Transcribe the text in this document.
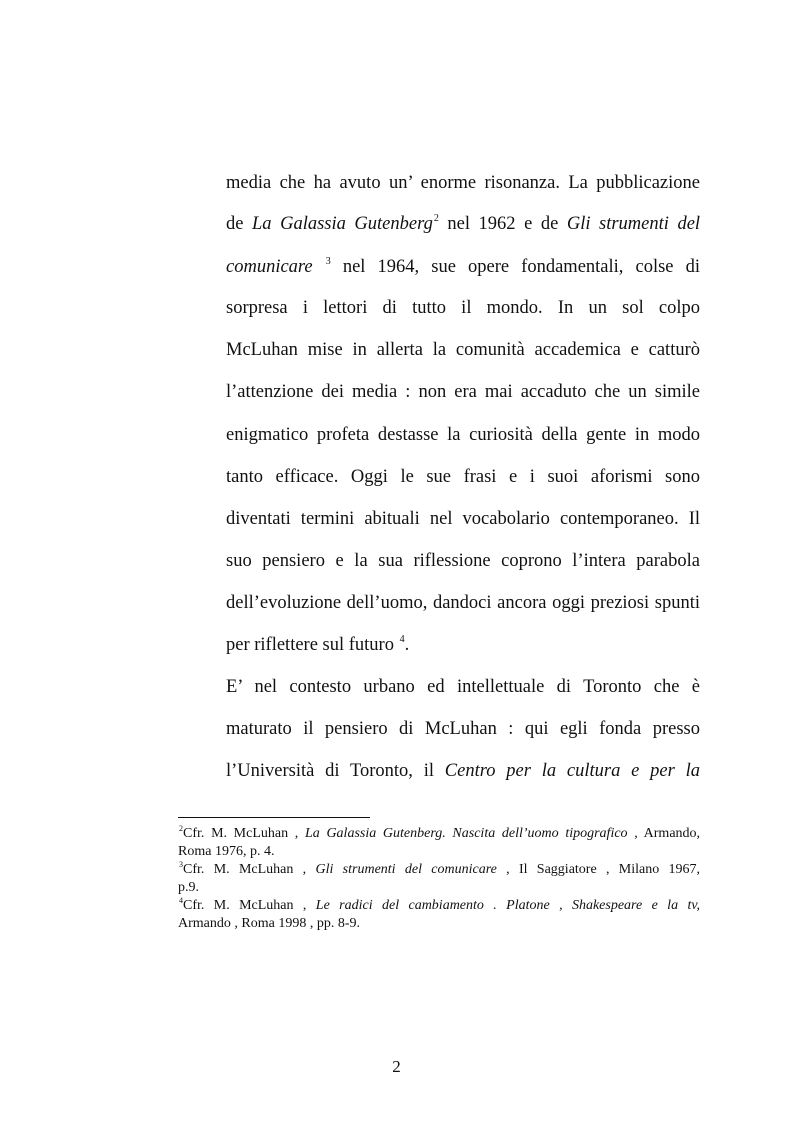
media che ha avuto un’ enorme risonanza. La pubblicazione
de La Galassia Gutenberg$^2$ nel 1962 e de Gli strumenti del
comunicare $^3$ nel 1964, sue opere fondamentali, colse di
sorpresa i lettori di tutto il mondo. In un sol colpo
McLuhan mise in allerta la comunità accademica e catturò
l’attenzione dei media : non era mai accaduto che un simile
enigmatico profeta destasse la curiosità della gente in modo
tanto efficace. Oggi le sue frasi e i suoi aforismi sono
diventati termini abituali nel vocabolario contemporaneo. Il
suo pensiero e la sua riflessione coprono l’intera parabola
dell’evoluzione dell’uomo, dandoci ancora oggi preziosi spunti
per riflettere sul futuro $^4$.
E’ nel contesto urbano ed intellettuale di Toronto che è
maturato il pensiero di McLuhan : qui egli fonda presso
l’Università di Toronto, il Centro per la cultura e per la
$^2$Cfr. M. McLuhan , La Galassia Gutenberg. Nascita dell’uomo tipografico , Armando,
Roma 1976, p. 4.
$^3$Cfr. M. McLuhan , Gli strumenti del comunicare , Il Saggiatore , Milano 1967,
p.9.
$^4$Cfr. M. McLuhan , Le radici del cambiamento . Platone , Shakespeare e la tv,
Armando , Roma 1998 , pp. 8-9.
2
